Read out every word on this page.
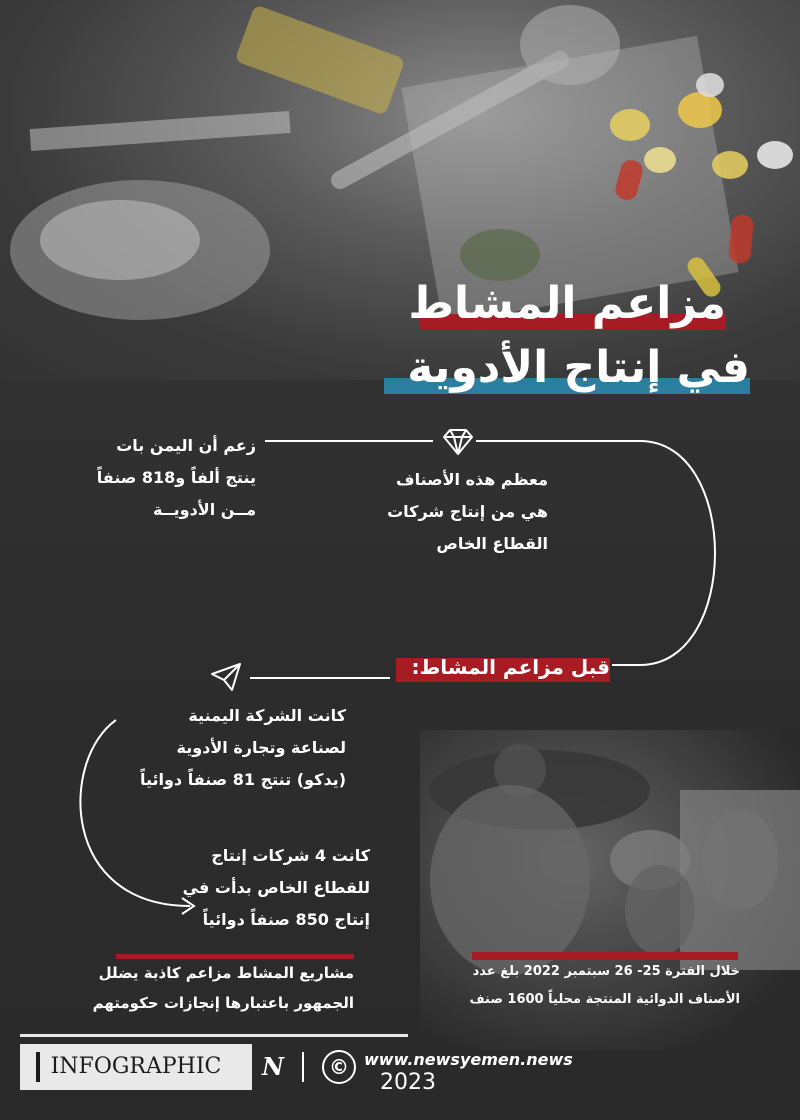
مزاعم المشاط
في إنتاج الأدوية
معظم هذه الأصناف
هي من إنتاج شركات
القطاع الخاص
زعم أن اليمن بات
ينتج ألفاً و818 صنفاً
مــن الأدويــة
قبل مزاعم المشاط:
كانت الشركة اليمنية
لصناعة وتجارة الأدوية
(يدكو) تنتج 81 صنفاً دوائياً
كانت 4 شركات إنتاج
للقطاع الخاص بدأت في
إنتاج 850 صنفاً دوائياً
مشاريع المشاط مزاعم كاذبة يضلل
الجمهور باعتبارها إنجازات حكومتهم
خلال الفترة 25- 26 سبتمبر 2022 بلغ عدد
الأصناف الدوائية المنتجة محلياً 1600 صنف
INFOGRAPHIC	N	© www.newsyemen.news
2023
